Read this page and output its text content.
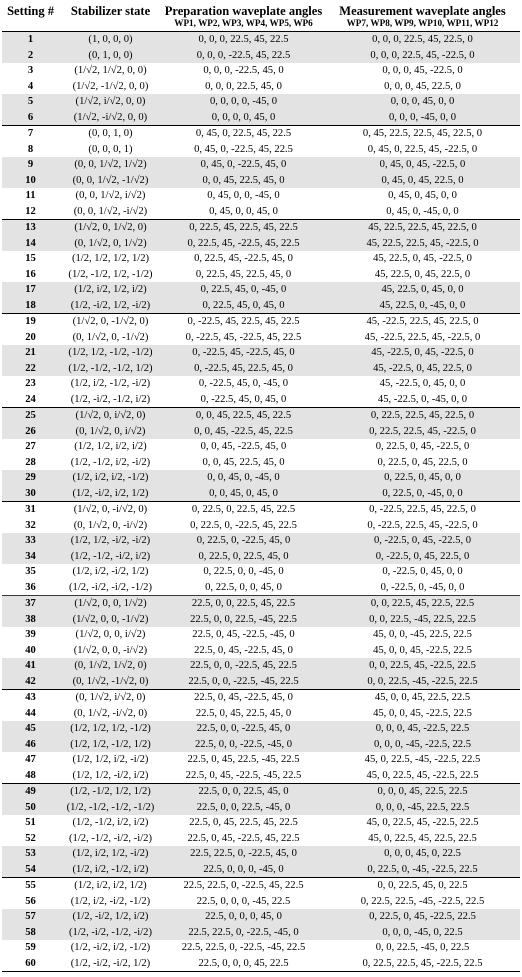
Setting #	Stabilizer state	Preparation waveplate angles	Measurement waveplate angles
		WP1, WP2, WP3, WP4, WP5, WP6	WP7, WP8, WP9, WP10, WP11, WP12
1	(1, 0, 0, 0)	0, 0, 0, 22.5, 45, 22.5	0, 0, 0, 22.5, 45, 22.5, 0
2	(0, 1, 0, 0)	0, 0, 0, -22.5, 45, 22.5	0, 0, 0, 22.5, 45, -22.5, 0
3	(1/√2, 1/√2, 0, 0)	0, 0, 0, -22.5, 45, 0	0, 0, 0, 45, -22.5, 0
4	(1/√2, -1/√2, 0, 0)	0, 0, 0, 22.5, 45, 0	0, 0, 0, 45, 22.5, 0
5	(1/√2, i/√2, 0, 0)	0, 0, 0, 0, -45, 0	0, 0, 0, 45, 0, 0
6	(1/√2, -i/√2, 0, 0)	0, 0, 0, 0, 45, 0	0, 0, 0, -45, 0, 0
7	(0, 0, 1, 0)	0, 45, 0, 22.5, 45, 22.5	0, 45, 22.5, 22.5, 45, 22.5, 0
8	(0, 0, 0, 1)	0, 45, 0, -22.5, 45, 22.5	0, 45, 0, 22.5, 45, -22.5, 0
9	(0, 0, 1/√2, 1/√2)	0, 45, 0, -22.5, 45, 0	0, 45, 0, 45, -22.5, 0
10	(0, 0, 1/√2, -1/√2)	0, 0, 45, 22.5, 45, 0	0, 45, 0, 45, 22.5, 0
11	(0, 0, 1/√2, i/√2)	0, 45, 0, 0, -45, 0	0, 45, 0, 45, 0, 0
12	(0, 0, 1/√2, -i/√2)	0, 45, 0, 0, 45, 0	0, 45, 0, -45, 0, 0
13	(1/√2, 0, 1/√2, 0)	0, 22.5, 45, 22.5, 45, 22.5	45, 22.5, 22.5, 45, 22.5, 0
14	(0, 1/√2, 0, 1/√2)	0, 22.5, 45, -22.5, 45, 22.5	45, 22.5, 22.5, 45, -22.5, 0
15	(1/2, 1/2, 1/2, 1/2)	0, 22.5, 45, -22.5, 45, 0	45, 22.5, 0, 45, -22.5, 0
16	(1/2, -1/2, 1/2, -1/2)	0, 22.5, 45, 22.5, 45, 0	45, 22.5, 0, 45, 22.5, 0
17	(1/2, i/2, 1/2, i/2)	0, 22.5, 45, 0, -45, 0	45, 22.5, 0, 45, 0, 0
18	(1/2, -i/2, 1/2, -i/2)	0, 22.5, 45, 0, 45, 0	45, 22.5, 0, -45, 0, 0
19	(1/√2, 0, -1/√2, 0)	0, -22.5, 45, 22.5, 45, 22.5	45, -22.5, 22.5, 45, 22.5, 0
20	(0, 1/√2, 0, -1/√2)	0, -22.5, 45, -22.5, 45, 22.5	45, -22.5, 22.5, 45, -22.5, 0
21	(1/2, 1/2, -1/2, -1/2)	0, -22.5, 45, -22.5, 45, 0	45, -22.5, 0, 45, -22.5, 0
22	(1/2, -1/2, -1/2, 1/2)	0, -22.5, 45, 22.5, 45, 0	45, -22.5, 0, 45, 22.5, 0
23	(1/2, i/2, -1/2, -i/2)	0, -22.5, 45, 0, -45, 0	45, -22.5, 0, 45, 0, 0
24	(1/2, -i/2, -1/2, i/2)	0, -22.5, 45, 0, 45, 0	45, -22.5, 0, -45, 0, 0
25	(1/√2, 0, i/√2, 0)	0, 0, 45, 22.5, 45, 22.5	0, 22.5, 22.5, 45, 22.5, 0
26	(0, 1/√2, 0, i/√2)	0, 0, 45, -22.5, 45, 22.5	0, 22.5, 22.5, 45, -22.5, 0
27	(1/2, 1/2, i/2, i/2)	0, 0, 45, -22.5, 45, 0	0, 22.5, 0, 45, -22.5, 0
28	(1/2, -1/2, i/2, -i/2)	0, 0, 45, 22.5, 45, 0	0, 22.5, 0, 45, 22.5, 0
29	(1/2, i/2, i/2, -1/2)	0, 0, 45, 0, -45, 0	0, 22.5, 0, 45, 0, 0
30	(1/2, -i/2, i/2, 1/2)	0, 0, 45, 0, 45, 0	0, 22.5, 0, -45, 0, 0
31	(1/√2, 0, -i/√2, 0)	0, 22.5, 0, 22.5, 45, 22.5	0, -22.5, 22.5, 45, 22.5, 0
32	(0, 1/√2, 0, -i/√2)	0, 22.5, 0, -22.5, 45, 22.5	0, -22.5, 22.5, 45, -22.5, 0
33	(1/2, 1/2, -i/2, -i/2)	0, 22.5, 0, -22.5, 45, 0	0, -22.5, 0, 45, -22.5, 0
34	(1/2, -1/2, -i/2, i/2)	0, 22.5, 0, 22.5, 45, 0	0, -22.5, 0, 45, 22.5, 0
35	(1/2, i/2, -i/2, 1/2)	0, 22.5, 0, 0, -45, 0	0, -22.5, 0, 45, 0, 0
36	(1/2, -i/2, -i/2, -1/2)	0, 22.5, 0, 0, 45, 0	0, -22.5, 0, -45, 0, 0
37	(1/√2, 0, 0, 1/√2)	22.5, 0, 0, 22.5, 45, 22.5	0, 0, 22.5, 45, 22.5, 22.5
38	(1/√2, 0, 0, -1/√2)	22.5, 0, 0, 22.5, -45, 22.5	0, 0, 22.5, -45, 22.5, 22.5
39	(1/√2, 0, 0, i/√2)	22.5, 0, 45, -22.5, -45, 0	45, 0, 0, -45, 22.5, 22.5
40	(1/√2, 0, 0, -i/√2)	22.5, 0, 45, -22.5, 45, 0	45, 0, 0, 45, -22.5, 22.5
41	(0, 1/√2, 1/√2, 0)	22.5, 0, 0, -22.5, 45, 22.5	0, 0, 22.5, 45, -22.5, 22.5
42	(0, 1/√2, -1/√2, 0)	22.5, 0, 0, -22.5, -45, 22.5	0, 0, 22.5, -45, -22.5, 22.5
43	(0, 1/√2, i/√2, 0)	22.5, 0, 45, -22.5, 45, 0	45, 0, 0, 45, 22.5, 22.5
44	(0, 1/√2, -i/√2, 0)	22.5, 0, 45, 22.5, 45, 0	45, 0, 0, 45, -22.5, 22.5
45	(1/2, 1/2, 1/2, -1/2)	22.5, 0, 0, -22.5, 45, 0	0, 0, 0, 45, -22.5, 22.5
46	(1/2, 1/2, -1/2, 1/2)	22.5, 0, 0, -22.5, -45, 0	0, 0, 0, -45, -22.5, 22.5
47	(1/2, 1/2, i/2, -i/2)	22.5, 0, 45, 22.5, -45, 22.5	45, 0, 22.5, -45, -22.5, 22.5
48	(1/2, 1/2, -i/2, i/2)	22.5, 0, 45, -22.5, -45, 22.5	45, 0, 22.5, 45, -22.5, 22.5
49	(1/2, -1/2, 1/2, 1/2)	22.5, 0, 0, 22.5, 45, 0	0, 0, 0, 45, 22.5, 22.5
50	(1/2, -1/2, -1/2, -1/2)	22.5, 0, 0, 22.5, -45, 0	0, 0, 0, -45, 22.5, 22.5
51	(1/2, -1/2, i/2, i/2)	22.5, 0, 45, 22.5, 45, 22.5	45, 0, 22.5, 45, -22.5, 22.5
52	(1/2, -1/2, -i/2, -i/2)	22.5, 0, 45, -22.5, 45, 22.5	45, 0, 22.5, 45, 22.5, 22.5
53	(1/2, i/2, 1/2, -i/2)	22.5, 22.5, 0, -22.5, 45, 0	0, 0, 0, 45, 0, 22.5
54	(1/2, i/2, -1/2, i/2)	22.5, 0, 0, 0, -45, 0	0, 22.5, 0, -45, -22.5, 22.5
55	(1/2, i/2, i/2, 1/2)	22.5, 22.5, 0, -22.5, 45, 22.5	0, 0, 22.5, 45, 0, 22.5
56	(1/2, i/2, -i/2, -1/2)	22.5, 0, 0, 0, -45, 22.5	0, 22.5, 22.5, -45, -22.5, 22.5
57	(1/2, -i/2, 1/2, i/2)	22.5, 0, 0, 0, 45, 0	0, 22.5, 0, 45, -22.5, 22.5
58	(1/2, -i/2, -1/2, -i/2)	22.5, 22.5, 0, -22.5, -45, 0	0, 0, 0, -45, 0, 22.5
59	(1/2, -i/2, i/2, -1/2)	22.5, 22.5, 0, -22.5, -45, 22.5	0, 0, 22.5, -45, 0, 22.5
60	(1/2, -i/2, -i/2, 1/2)	22.5, 0, 0, 0, 45, 22.5	0, 22.5, 22.5, 45, -22.5, 22.5
